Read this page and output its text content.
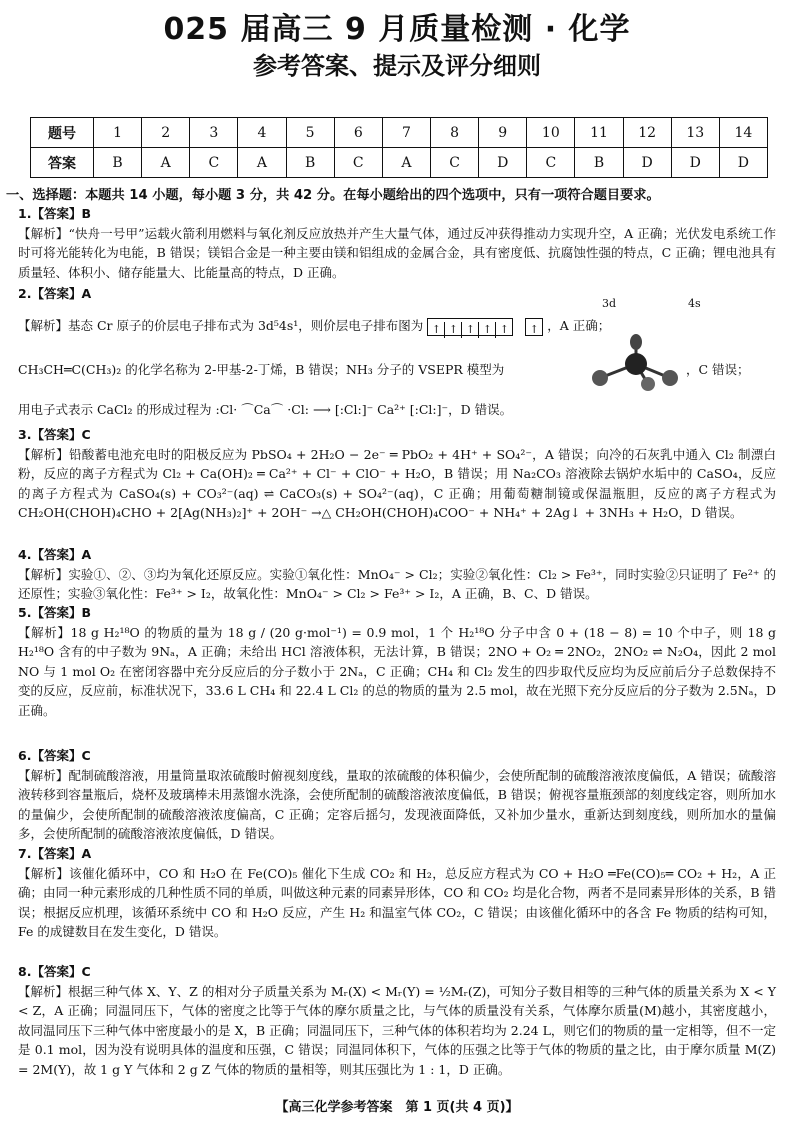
025 届高三 9 月质量检测 · 化学
参考答案、提示及评分细则
题号	1	2	3	4	5	6	7	8	9	10	11	12	13	14
答案	B	A	C	A	B	C	A	C	D	C	B	D	D	D
一、选择题：本题共 14 小题，每小题 3 分，共 42 分。在每小题给出的四个选项中，只有一项符合题目要求。
1.【答案】B

【解析】“快舟一号甲”运载火箭利用燃料与氧化剂反应放热并产生大量气体，通过反冲获得推动力实现升空，A 正确；光伏发电系统工作时可将光能转化为电能，B 错误；镁铝合金是一种主要由镁和铝组成的金属合金，具有密度低、抗腐蚀性强的特点，C 正确；锂电池具有质量轻、体积小、储存能量大、比能量高的特点，D 正确。

2.【答案】A
3d	4s
【解析】基态 Cr 原子的价层电子排布式为 3d⁵4s¹，则价层电子排布图为 ↑ ↑ ↑ ↑ ↑ ↑ ，A 正确；
CH₃CH═C(CH₃)₂ 的化学名称为 2-甲基-2-丁烯，B 错误；NH₃ 分子的 VSEPR 模型为	，C 错误；
用电子式表示 CaCl₂ 的形成过程为 :Cl· ⌒Ca⌒ ·Cl: ⟶ [:Cl:]⁻ Ca²⁺ [:Cl:]⁻，D 错误。
3.【答案】C

【解析】铅酸蓄电池充电时的阳极反应为 PbSO₄ + 2H₂O − 2e⁻ ═ PbO₂ + 4H⁺ + SO₄²⁻，A 错误；向冷的石灰乳中通入 Cl₂ 制漂白粉，反应的离子方程式为 Cl₂ + Ca(OH)₂ ═ Ca²⁺ + Cl⁻ + ClO⁻ + H₂O，B 错误；用 Na₂CO₃ 溶液除去锅炉水垢中的 CaSO₄，反应的离子方程式为 CaSO₄(s) + CO₃²⁻(aq) ⇌ CaCO₃(s) + SO₄²⁻(aq)，C 正确；用葡萄糖制镜或保温瓶胆，反应的离子方程式为 CH₂OH(CHOH)₄CHO + 2[Ag(NH₃)₂]⁺ + 2OH⁻ →△ CH₂OH(CHOH)₄COO⁻ + NH₄⁺ + 2Ag↓ + 3NH₃ + H₂O，D 错误。

4.【答案】A

【解析】实验①、②、③均为氧化还原反应。实验①氧化性：MnO₄⁻ > Cl₂；实验②氧化性：Cl₂ > Fe³⁺，同时实验②只证明了 Fe²⁺ 的还原性；实验③氧化性：Fe³⁺ > I₂，故氧化性：MnO₄⁻ > Cl₂ > Fe³⁺ > I₂，A 正确，B、C、D 错误。

5.【答案】B

【解析】18 g H₂¹⁸O 的物质的量为 18 g / (20 g·mol⁻¹) = 0.9 mol，1 个 H₂¹⁸O 分子中含 0 + (18 − 8) = 10 个中子，则 18 g H₂¹⁸O 含有的中子数为 9Nₐ，A 正确；未给出 HCl 溶液体积，无法计算，B 错误；2NO + O₂ ═ 2NO₂，2NO₂ ⇌ N₂O₄，因此 2 mol NO 与 1 mol O₂ 在密闭容器中充分反应后的分子数小于 2Nₐ，C 正确；CH₄ 和 Cl₂ 发生的四步取代反应均为反应前后分子总数保持不变的反应，反应前，标准状况下，33.6 L CH₄ 和 22.4 L Cl₂ 的总的物质的量为 2.5 mol，故在光照下充分反应后的分子数为 2.5Nₐ，D 正确。

6.【答案】C

【解析】配制硫酸溶液，用量筒量取浓硫酸时俯视刻度线，量取的浓硫酸的体积偏少，会使所配制的硫酸溶液浓度偏低，A 错误；硫酸溶液转移到容量瓶后，烧杯及玻璃棒未用蒸馏水洗涤，会使所配制的硫酸溶液浓度偏低，B 错误；俯视容量瓶颈部的刻度线定容，则所加水的量偏少，会使所配制的硫酸溶液浓度偏高，C 正确；定容后摇匀，发现液面降低，又补加少量水，重新达到刻度线，则所加水的量偏多，会使所配制的硫酸溶液浓度偏低，D 错误。

7.【答案】A

【解析】该催化循环中，CO 和 H₂O 在 Fe(CO)₅ 催化下生成 CO₂ 和 H₂，总反应方程式为 CO + H₂O ═Fe(CO)₅═ CO₂ + H₂，A 正确；由同一种元素形成的几种性质不同的单质，叫做这种元素的同素异形体，CO 和 CO₂ 均是化合物，两者不是同素异形体的关系，B 错误；根据反应机理，该循环系统中 CO 和 H₂O 反应，产生 H₂ 和温室气体 CO₂，C 错误；由该催化循环中的各含 Fe 物质的结构可知，Fe 的成键数目在发生变化，D 错误。

8.【答案】C

【解析】根据三种气体 X、Y、Z 的相对分子质量关系为 Mᵣ(X) < Mᵣ(Y) = ½Mᵣ(Z)，可知分子数目相等的三种气体的质量关系为 X < Y < Z，A 正确；同温同压下，气体的密度之比等于气体的摩尔质量之比，与气体的质量没有关系，气体摩尔质量(M)越小，其密度越小，故同温同压下三种气体中密度最小的是 X，B 正确；同温同压下，三种气体的体积若均为 2.24 L，则它们的物质的量一定相等，但不一定是 0.1 mol，因为没有说明具体的温度和压强，C 错误；同温同体积下，气体的压强之比等于气体的物质的量之比，由于摩尔质量 M(Z) = 2M(Y)，故 1 g Y 气体和 2 g Z 气体的物质的量相等，则其压强比为 1 : 1，D 正确。

【高三化学参考答案　第 1 页(共 4 页)】
